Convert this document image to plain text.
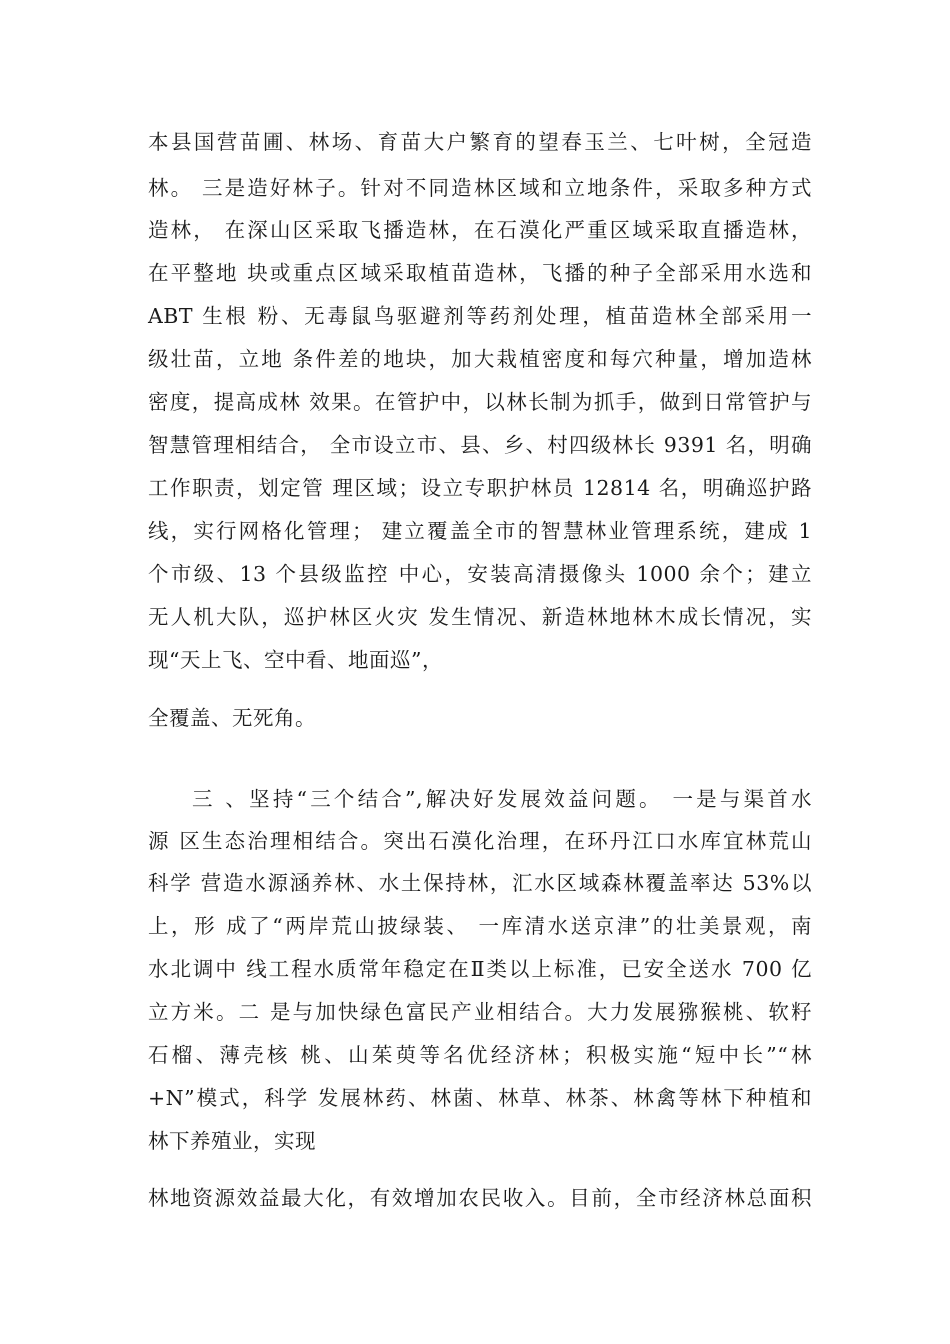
本县国营苗圃、林场、育苗大户繁育的望春玉兰、七叶树，全冠造

林。 三是造好林子。针对不同造林区域和立地条件，采取多种方式

造林， 在深山区采取飞播造林，在石漠化严重区域采取直播造林，

在平整地 块或重点区域采取植苗造林，飞播的种子全部采用水选和

ABT 生根 粉、无毒鼠鸟驱避剂等药剂处理，植苗造林全部采用一

级壮苗，立地 条件差的地块，加大栽植密度和每穴种量，增加造林

密度，提高成林 效果。在管护中，以林长制为抓手，做到日常管护与

智慧管理相结合， 全市设立市、县、乡、村四级林长 9391 名，明确

工作职责，划定管 理区域；设立专职护林员 12814 名，明确巡护路

线，实行网格化管理； 建立覆盖全市的智慧林业管理系统，建成 1

个市级、13 个县级监控 中心，安装高清摄像头 1000 余个；建立

无人机大队，巡护林区火灾 发生情况、新造林地林木成长情况，实

现“天上飞、空中看、地面巡”，

全覆盖、无死角。

三 、坚持“三个结合”,解决好发展效益问题。 一是与渠首水

源 区生态治理相结合。突出石漠化治理，在环丹江口水库宜林荒山

科学 营造水源涵养林、水土保持林，汇水区域森林覆盖率达 53%以

上，形 成了“两岸荒山披绿装、 一库清水送京津”的壮美景观，南

水北调中 线工程水质常年稳定在Ⅱ类以上标准，已安全送水 700 亿

立方米。二 是与加快绿色富民产业相结合。大力发展猕猴桃、软籽

石榴、薄壳核 桃、山茱萸等名优经济林；积极实施“短中长”“林

+N”模式，科学 发展林药、林菌、林草、林茶、林禽等林下种植和

林下养殖业，实现

林地资源效益最大化，有效增加农民收入。目前，全市经济林总面积
